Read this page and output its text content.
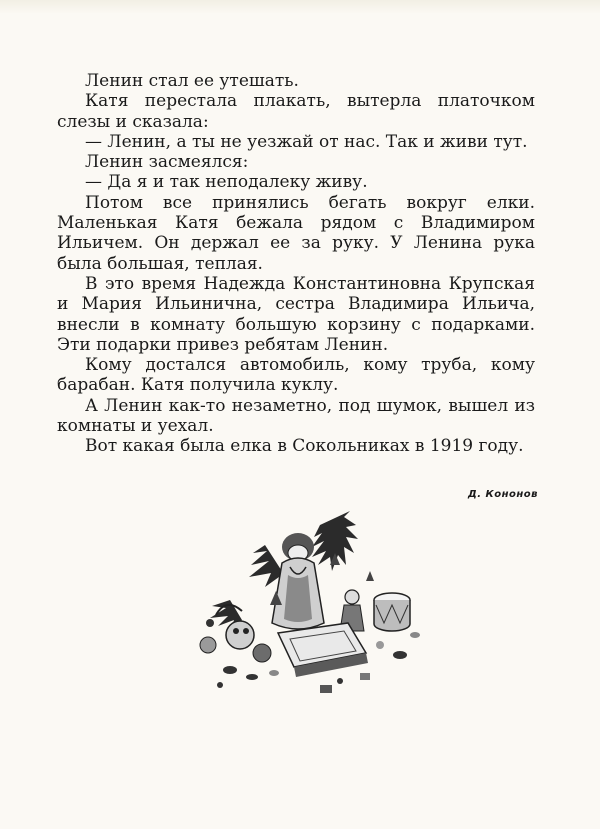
Ленин стал ее утешать.

Катя перестала плакать, вытерла платочком слезы и сказала:

— Ленин, а ты не уезжай от нас. Так и живи тут.

Ленин засмеялся:

— Да я и так неподалеку живу.

Потом все принялись бегать вокруг елки. Маленькая Катя бежала рядом с Владимиром Ильичем. Он держал ее за руку. У Ленина рука была большая, теплая.

В это время Надежда Константиновна Крупская и Мария Ильинична, сестра Владимира Ильича, внесли в комнату большую корзину с подарками. Эти подарки привез ребятам Ленин.

Кому достался автомобиль, кому труба, кому барабан. Катя получила куклу.

А Ленин как-то незаметно, под шумок, вышел из комнаты и уехал.

Вот какая была елка в Сокольниках в 1919 году.

Д. Кононов
